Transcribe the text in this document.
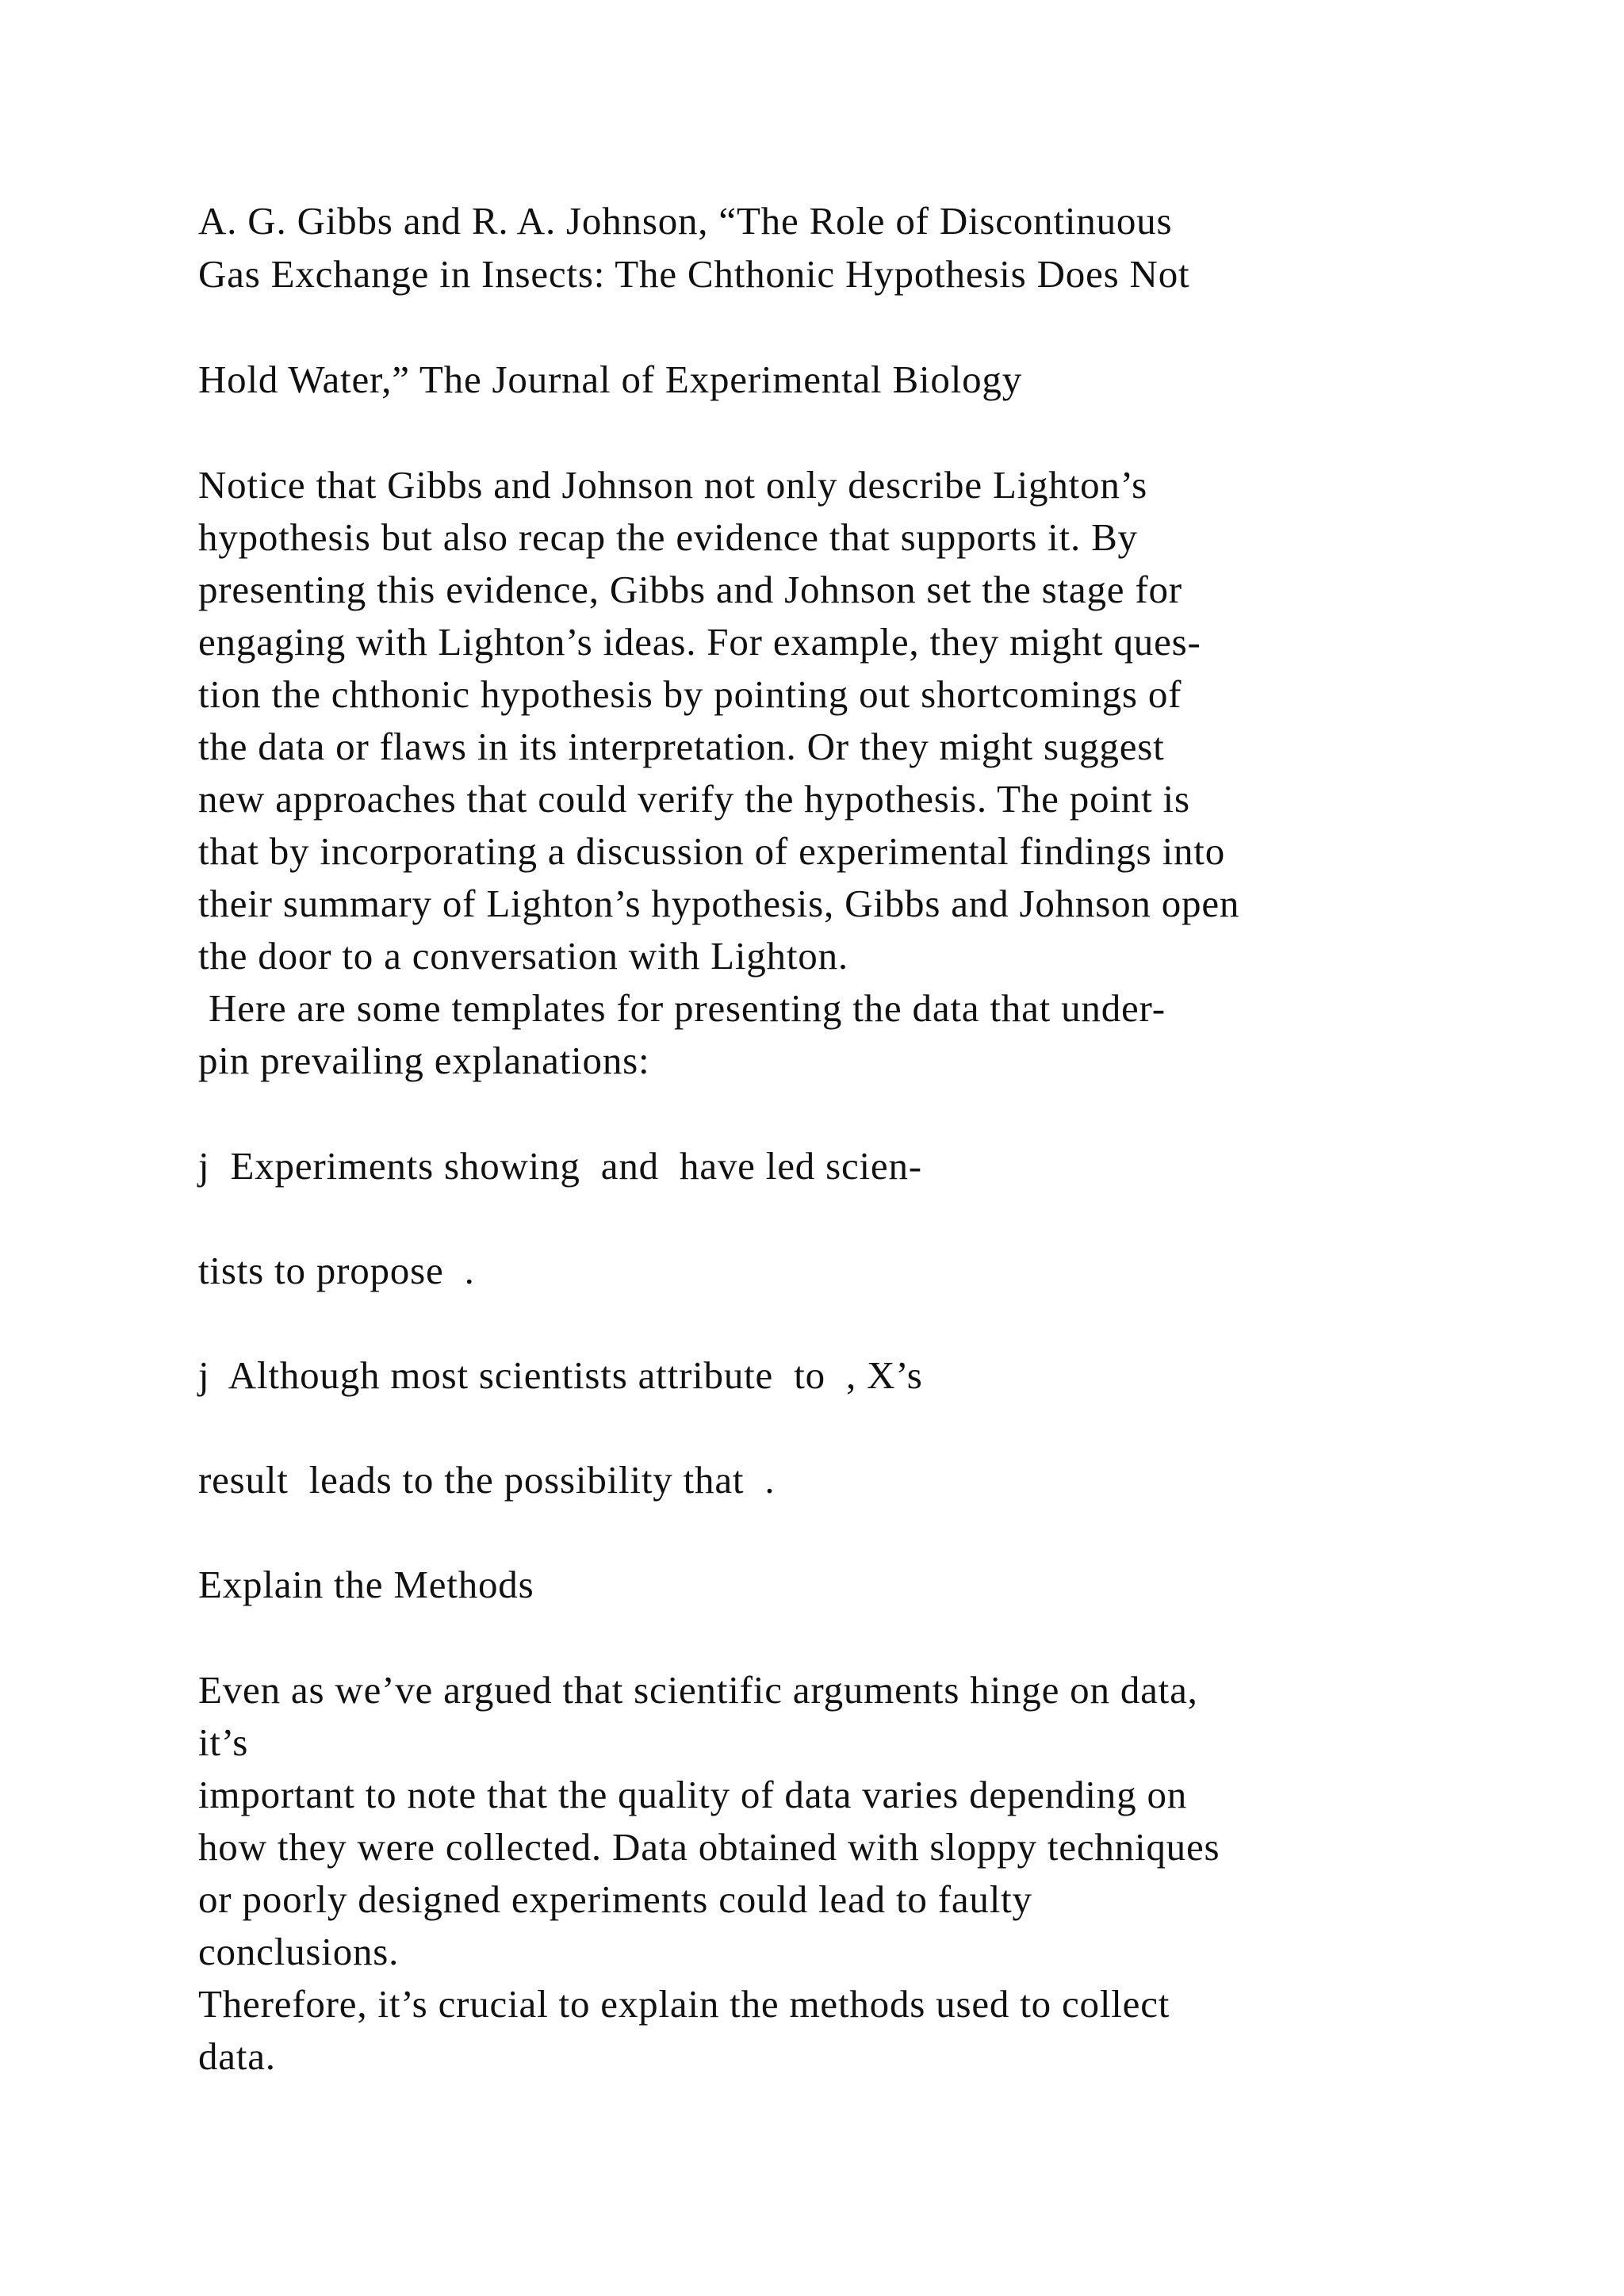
A. G. Gibbs and R. A. Johnson, “The Role of Discontinuous

Gas Exchange in Insects: The Chthonic Hypothesis Does Not

Hold Water,” The Journal of Experimental Biology

Notice that Gibbs and Johnson not only describe Lighton’s

hypothesis but also recap the evidence that supports it. By

presenting this evidence, Gibbs and Johnson set the stage for

engaging with Lighton’s ideas. For example, they might ques-

tion the chthonic hypothesis by pointing out shortcomings of

the data or flaws in its interpretation. Or they might suggest

new approaches that could verify the hypothesis. The point is

that by incorporating a discussion of experimental findings into

their summary of Lighton’s hypothesis, Gibbs and Johnson open

the door to a conversation with Lighton.

Here are some templates for presenting the data that under-

pin prevailing explanations:

j  Experiments showing  and  have led scien-

tists to propose  .

j  Although most scientists attribute  to  , X’s

result  leads to the possibility that  .

Explain the Methods

Even as we’ve argued that scientific arguments hinge on data,

it’s

important to note that the quality of data varies depending on

how they were collected. Data obtained with sloppy techniques

or poorly designed experiments could lead to faulty

conclusions.

Therefore, it’s crucial to explain the methods used to collect

data.
